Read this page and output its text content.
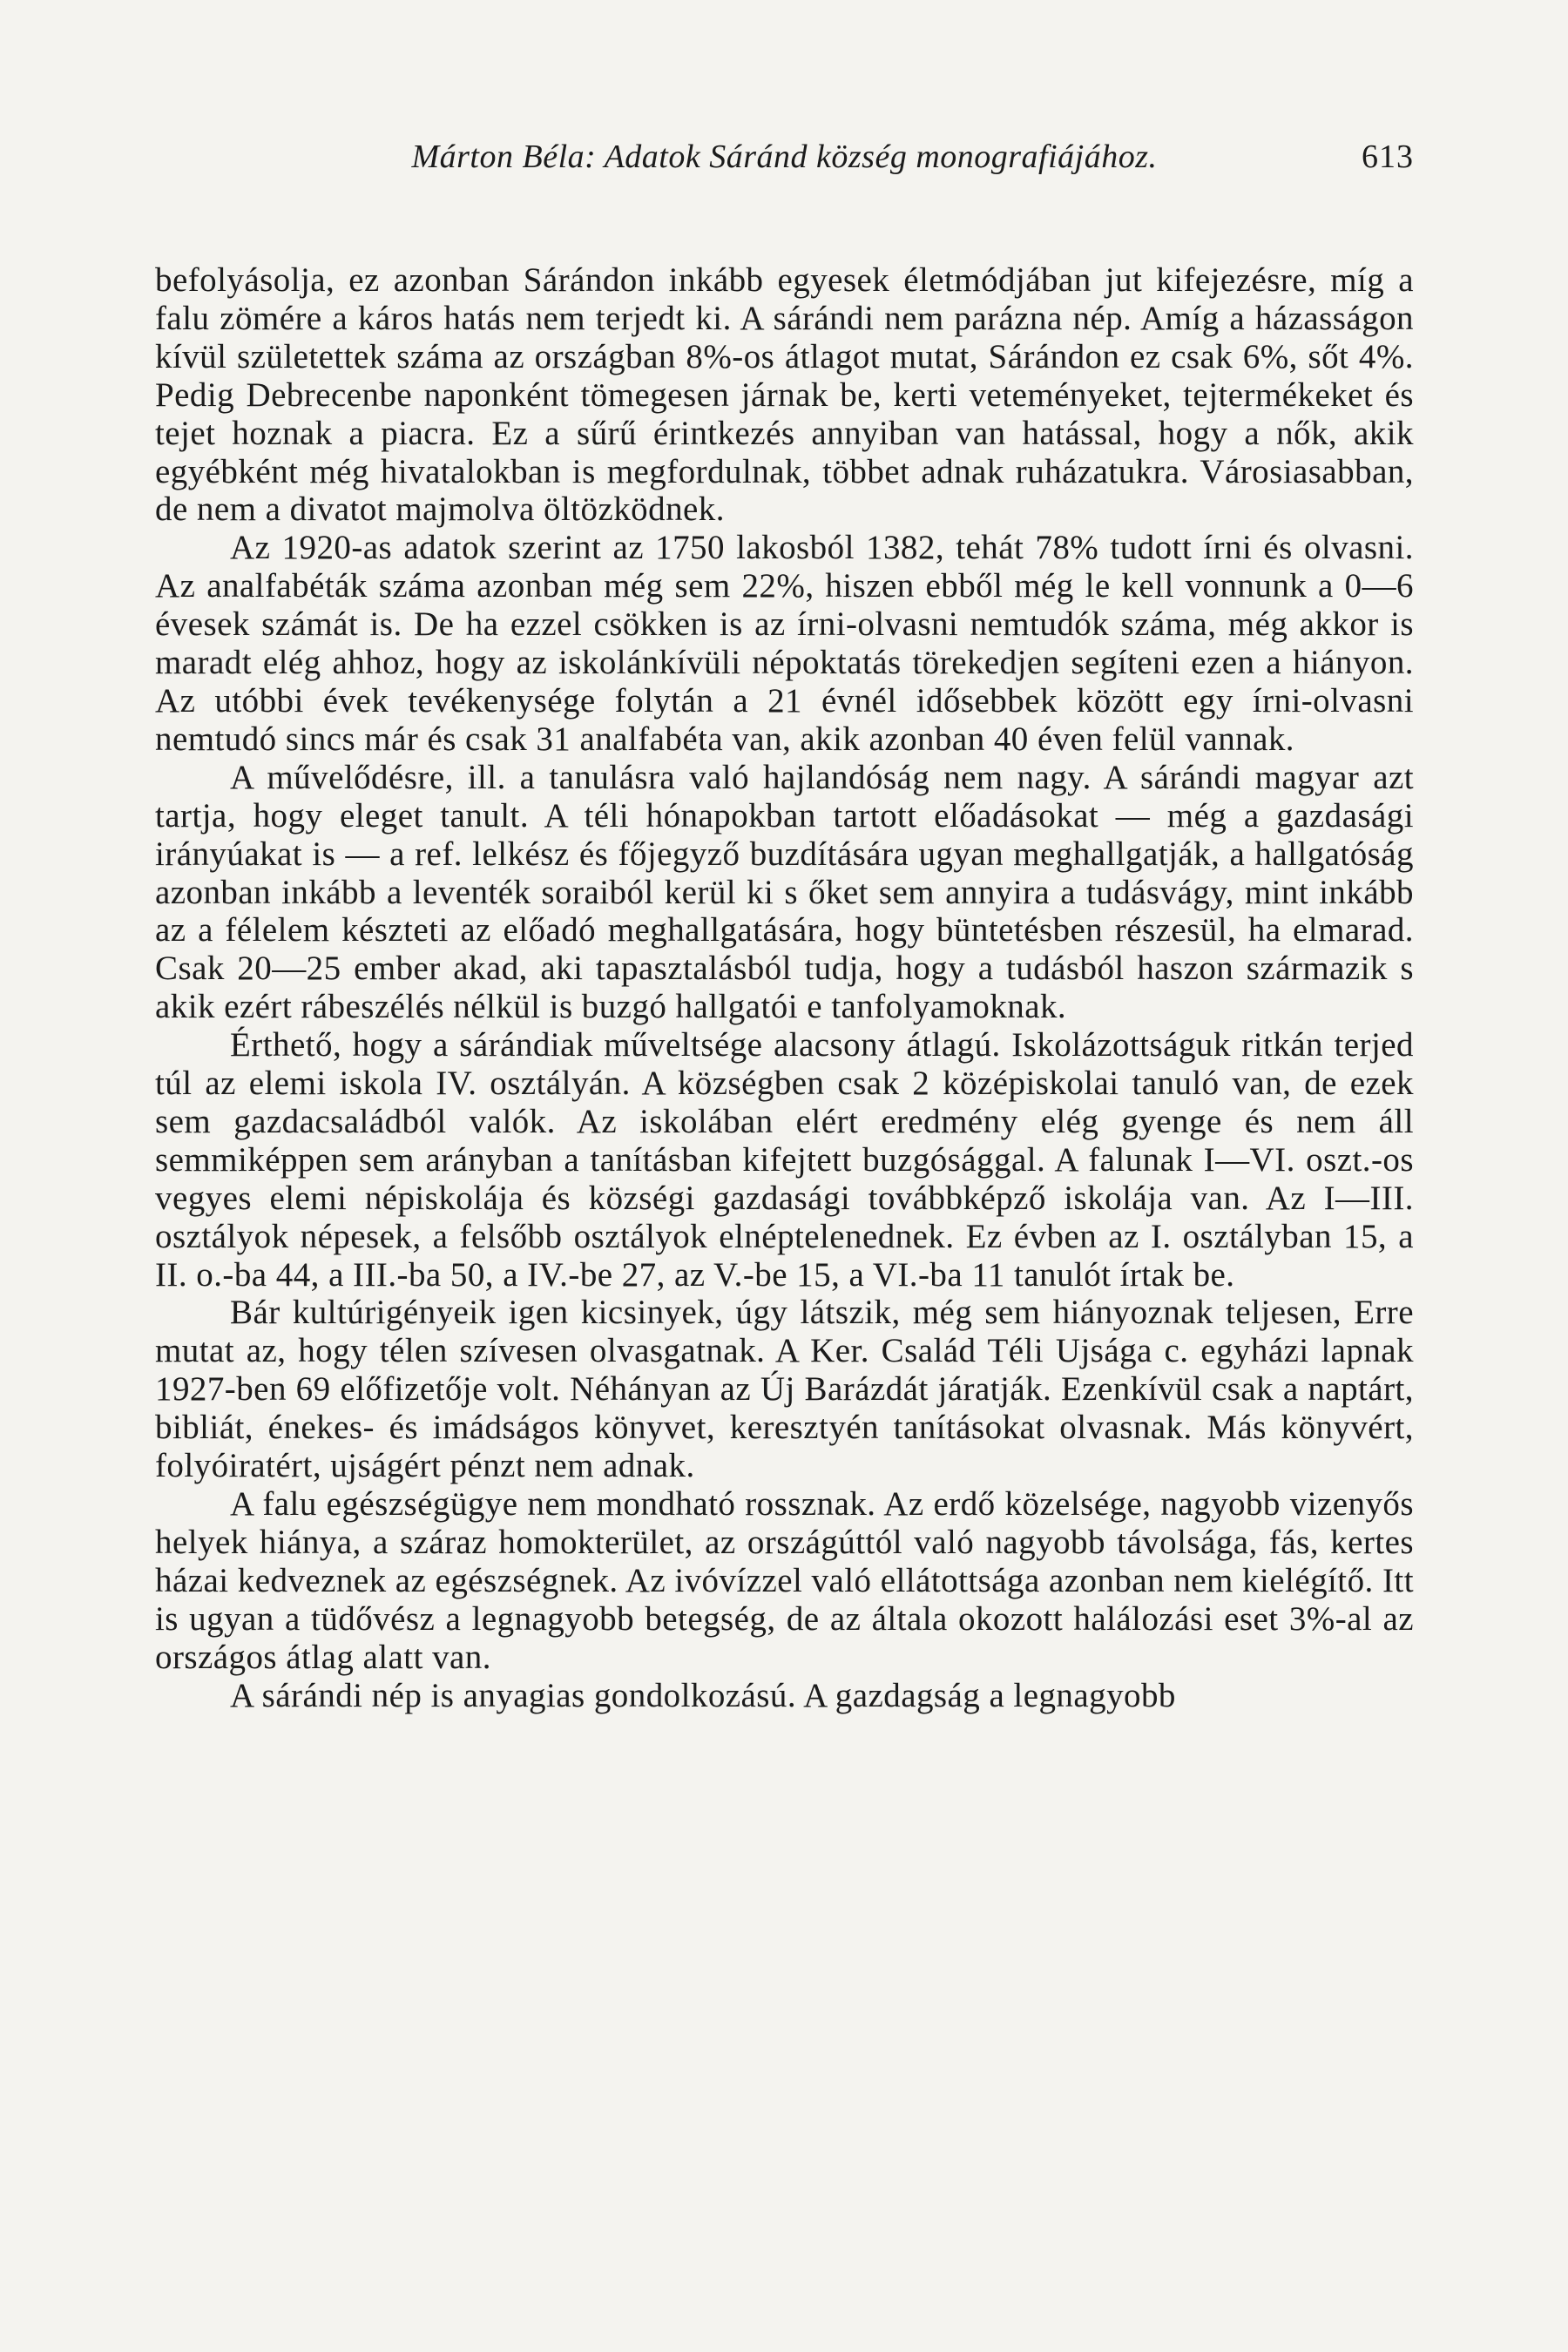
Márton Béla: Adatok Sáránd község monografiájához.	613

befolyásolja, ez azonban Sárándon inkább egyesek életmódjában jut kifejezésre, míg a falu zömére a káros hatás nem terjedt ki. A sárándi nem parázna nép. Amíg a házasságon kívül születettek száma az országban 8%-os átlagot mutat, Sárándon ez csak 6%, sőt 4%. Pedig Debrecenbe naponként tömegesen járnak be, kerti veteményeket, tejtermékeket és tejet hoznak a piacra. Ez a sűrű érintkezés annyiban van hatással, hogy a nők, akik egyébként még hivatalokban is megfordulnak, többet adnak ruházatukra. Városiasabban, de nem a divatot majmolva öltözködnek.

Az 1920-as adatok szerint az 1750 lakosból 1382, tehát 78% tudott írni és olvasni. Az analfabéták száma azonban még sem 22%, hiszen ebből még le kell vonnunk a 0—6 évesek számát is. De ha ezzel csökken is az írni-olvasni nemtudók száma, még akkor is maradt elég ahhoz, hogy az iskolánkívüli népoktatás törekedjen segíteni ezen a hiányon. Az utóbbi évek tevékenysége folytán a 21 évnél idősebbek között egy írni-olvasni nemtudó sincs már és csak 31 analfabéta van, akik azonban 40 éven felül vannak.

A művelődésre, ill. a tanulásra való hajlandóság nem nagy. A sárándi magyar azt tartja, hogy eleget tanult. A téli hónapokban tartott előadásokat — még a gazdasági irányúakat is — a ref. lelkész és főjegyző buzdítására ugyan meghallgatják, a hallgatóság azonban inkább a leventék soraiból kerül ki s őket sem annyira a tudásvágy, mint inkább az a félelem készteti az előadó meghallgatására, hogy büntetésben részesül, ha elmarad. Csak 20—25 ember akad, aki tapasztalásból tudja, hogy a tudásból haszon származik s akik ezért rábeszélés nélkül is buzgó hallgatói e tanfolyamoknak.

Érthető, hogy a sárándiak műveltsége alacsony átlagú. Iskolázottságuk ritkán terjed túl az elemi iskola IV. osztályán. A községben csak 2 középiskolai tanuló van, de ezek sem gazdacsaládból valók. Az iskolában elért eredmény elég gyenge és nem áll semmiképpen sem arányban a tanításban kifejtett buzgósággal. A falunak I—VI. oszt.-os vegyes elemi népiskolája és községi gazdasági továbbképző iskolája van. Az I—III. osztályok népesek, a felsőbb osztályok elnéptelenednek. Ez évben az I. osztályban 15, a II. o.-ba 44, a III.-ba 50, a IV.-be 27, az V.-be 15, a VI.-ba 11 tanulót írtak be.

Bár kultúrigényeik igen kicsinyek, úgy látszik, még sem hiányoznak teljesen, Erre mutat az, hogy télen szívesen olvasgatnak. A Ker. Család Téli Ujsága c. egyházi lapnak 1927-ben 69 előfizetője volt. Néhányan az Új Barázdát járatják. Ezenkívül csak a naptárt, bibliát, énekes- és imádságos könyvet, keresztyén tanításokat olvasnak. Más könyvért, folyóiratért, ujságért pénzt nem adnak.

A falu egészségügye nem mondható rossznak. Az erdő közelsége, nagyobb vizenyős helyek hiánya, a száraz homokterület, az országúttól való nagyobb távolsága, fás, kertes házai kedveznek az egészségnek. Az ivóvízzel való ellátottsága azonban nem kielégítő. Itt is ugyan a tüdővész a legnagyobb betegség, de az általa okozott halálozási eset 3%-al az országos átlag alatt van.

A sárándi nép is anyagias gondolkozású. A gazdagság a legnagyobb
